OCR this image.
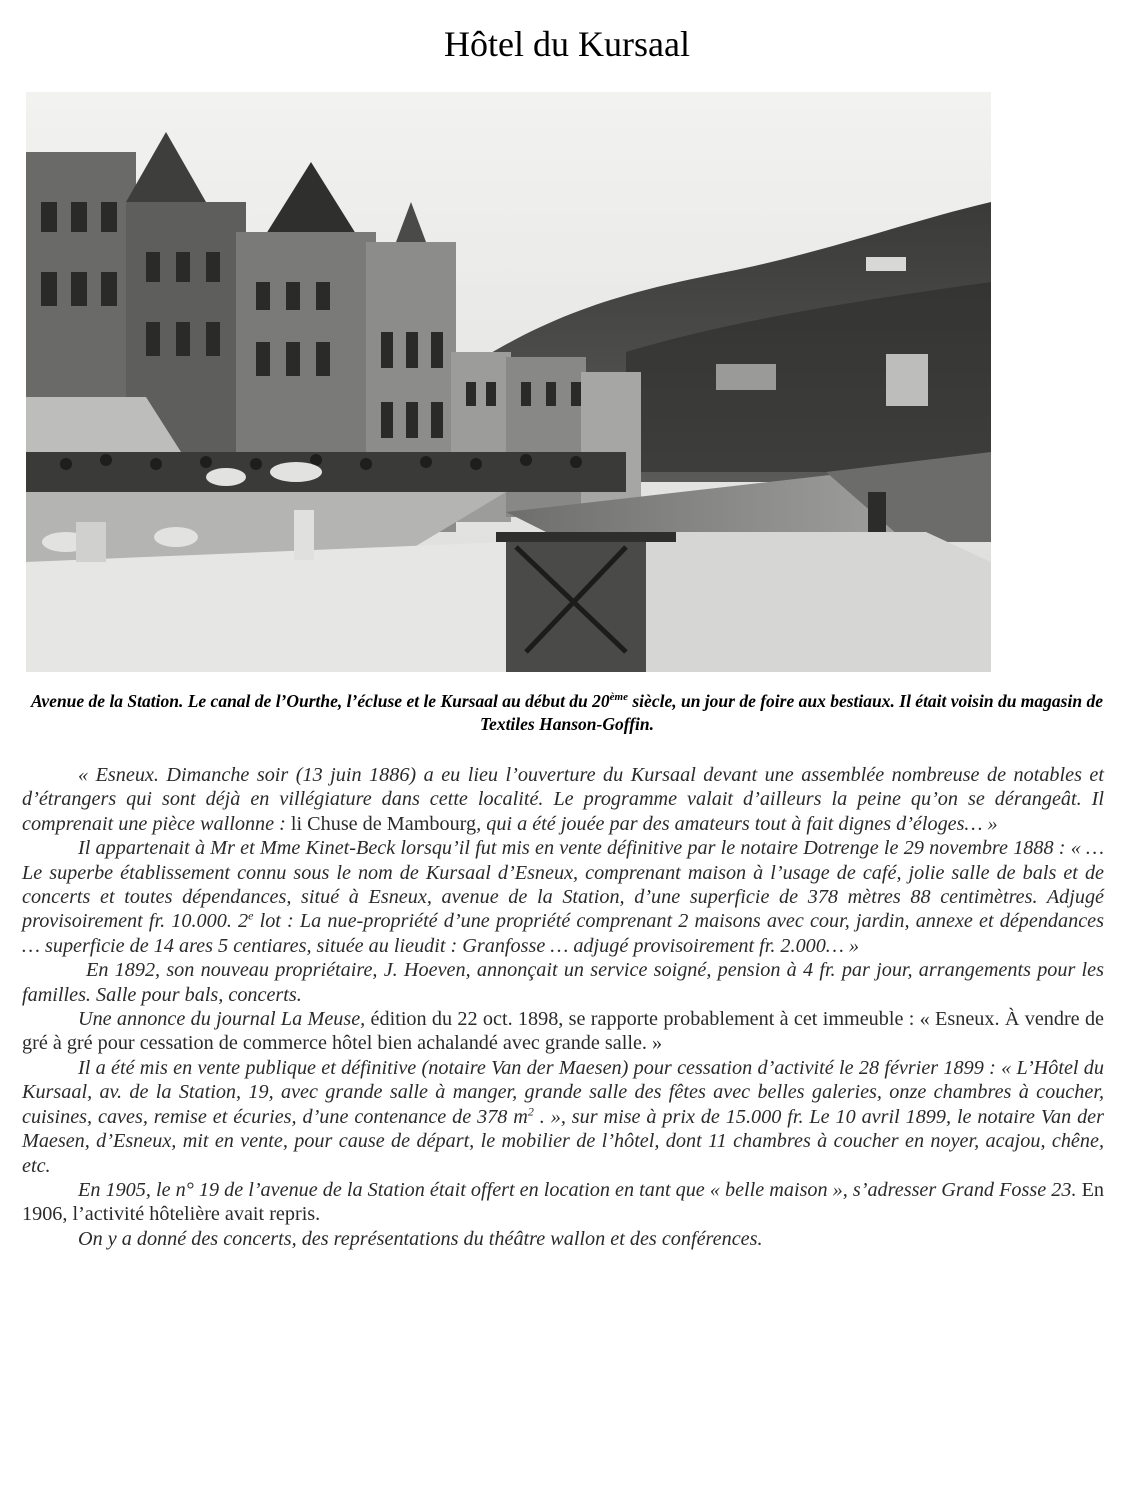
Hôtel du Kursaal
Avenue de la Station. Le canal de l’Ourthe, l’écluse et le Kursaal au début du 20ème siècle, un jour de foire aux bestiaux. Il était voisin du magasin de Textiles Hanson-Goffin.

« Esneux. Dimanche soir (13 juin 1886) a eu lieu l’ouverture du Kursaal devant une assemblée nombreuse de notables et d’étrangers qui sont déjà en villégiature dans cette localité. Le programme valait d’ailleurs la peine qu’on se dérangeât. Il comprenait une pièce wallonne : li Chuse de Mambourg, qui a été jouée par des amateurs tout à fait dignes d’éloges… »

Il appartenait à Mr et Mme Kinet-Beck lorsqu’il fut mis en vente définitive par le notaire Dotrenge le 29 novembre 1888 : « … Le superbe établissement connu sous le nom de Kursaal d’Esneux, comprenant maison à l’usage de café, jolie salle de bals et de concerts et toutes dépendances, situé à Esneux, avenue de la Station, d’une superficie de 378 mètres 88 centimètres. Adjugé provisoirement fr. 10.000. 2e lot : La nue-propriété d’une propriété comprenant 2 maisons avec cour, jardin, annexe et dépendances … superficie de 14 ares 5 centiares, située au lieudit : Granfosse … adjugé provisoirement fr. 2.000… »

En 1892, son nouveau propriétaire, J. Hoeven, annonçait un service soigné, pension à 4 fr. par jour, arrangements pour les familles. Salle pour bals, concerts.

Une annonce du journal La Meuse, édition du 22 oct. 1898, se rapporte probablement à cet immeuble : « Esneux. À vendre de gré à gré pour cessation de commerce hôtel bien achalandé avec grande salle. »

Il a été mis en vente publique et définitive (notaire Van der Maesen) pour cessation d’activité le 28 février 1899 : « L’Hôtel du Kursaal, av. de la Station, 19, avec grande salle à manger, grande salle des fêtes avec belles galeries, onze chambres à coucher, cuisines, caves, remise et écuries, d’une contenance de 378 $m^2$ . », sur mise à prix de 15.000 fr. Le 10 avril 1899, le notaire Van der Maesen, d’Esneux, mit en vente, pour cause de départ, le mobilier de l’hôtel, dont 11 chambres à coucher en noyer, acajou, chêne, etc.

En 1905, le n° 19 de l’avenue de la Station était offert en location en tant que « belle maison », s’adresser Grand Fosse 23. En 1906, l’activité hôtelière avait repris.

On y a donné des concerts, des représentations du théâtre wallon et des conférences.
